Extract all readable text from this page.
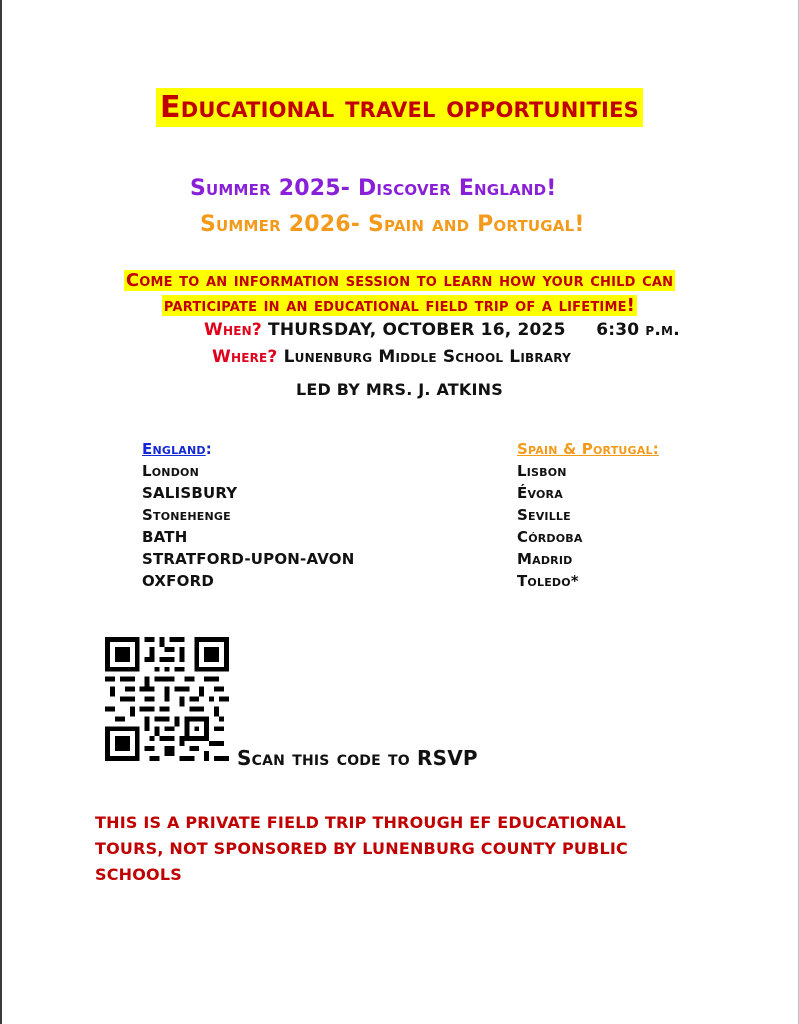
Educational travel opportunities
Summer 2025- Discover England!
Summer 2026- Spain and Portugal!
Come to an information session to learn how your child can
participate in an educational field trip of a lifetime!
When? THURSDAY, OCTOBER 16, 2025     6:30 p.m.
Where? Lunenburg Middle School Library
LED BY MRS. J. ATKINS
England:
London
SALISBURY
Stonehenge
BATH
STRATFORD-UPON-AVON
OXFORD
Spain & Portugal:
Lisbon
Évora
Seville
Córdoba
Madrid
Toledo*
Scan this code to RSVP
THIS IS A PRIVATE FIELD TRIP THROUGH EF EDUCATIONAL TOURS, NOT SPONSORED BY LUNENBURG COUNTY PUBLIC SCHOOLS
